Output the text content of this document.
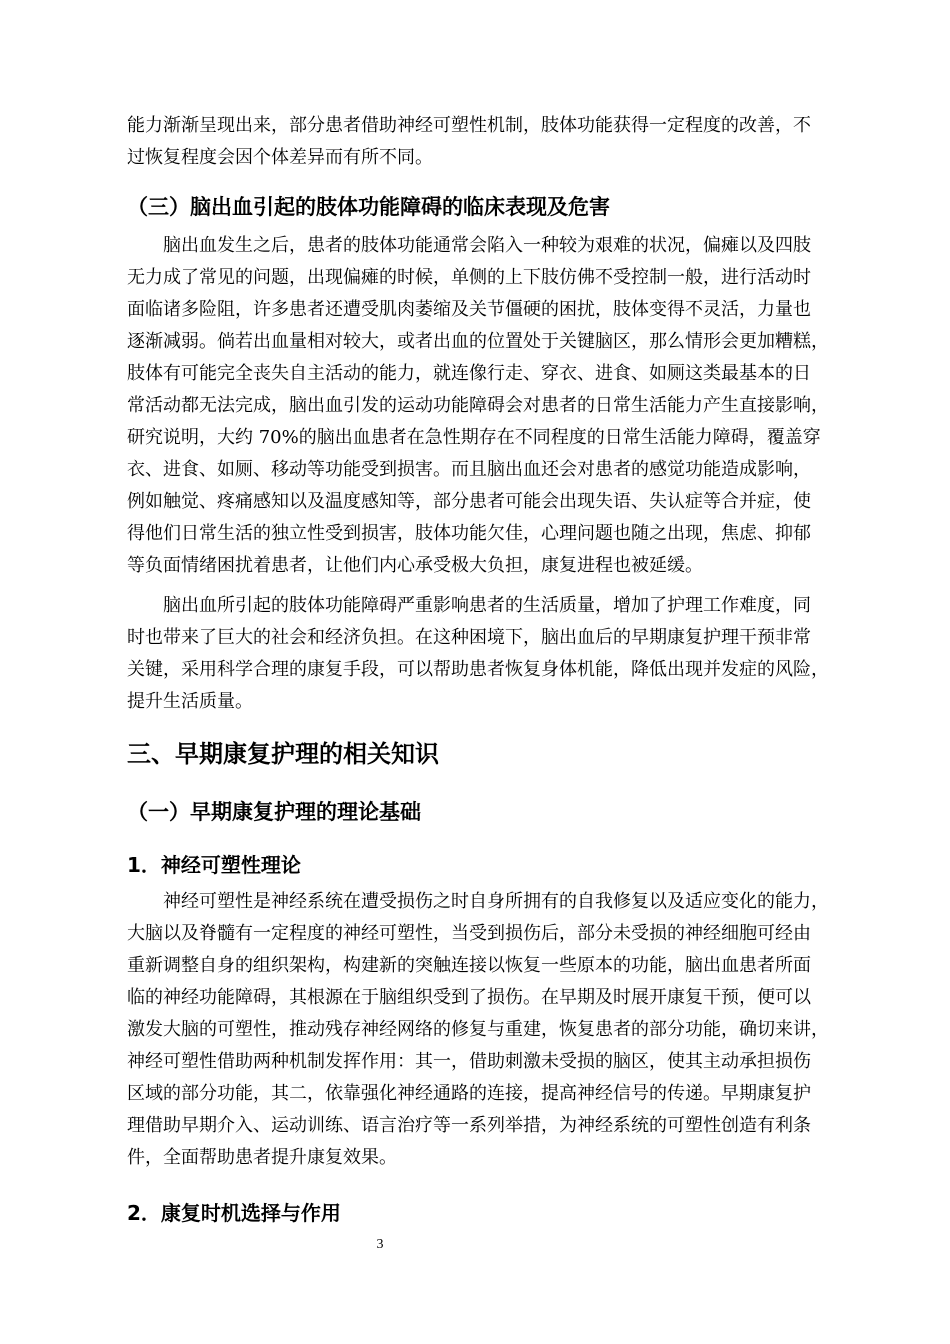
能力渐渐呈现出来，部分患者借助神经可塑性机制，肢体功能获得一定程度的改善，不
过恢复程度会因个体差异而有所不同。

（三）脑出血引起的肢体功能障碍的临床表现及危害

　　脑出血发生之后，患者的肢体功能通常会陷入一种较为艰难的状况，偏瘫以及四肢
无力成了常见的问题，出现偏瘫的时候，单侧的上下肢仿佛不受控制一般，进行活动时
面临诸多险阻，许多患者还遭受肌肉萎缩及关节僵硬的困扰，肢体变得不灵活，力量也
逐渐减弱。倘若出血量相对较大，或者出血的位置处于关键脑区，那么情形会更加糟糕，
肢体有可能完全丧失自主活动的能力，就连像行走、穿衣、进食、如厕这类最基本的日
常活动都无法完成，脑出血引发的运动功能障碍会对患者的日常生活能力产生直接影响，
研究说明，大约 70%的脑出血患者在急性期存在不同程度的日常生活能力障碍，覆盖穿
衣、进食、如厕、移动等功能受到损害。而且脑出血还会对患者的感觉功能造成影响，
例如触觉、疼痛感知以及温度感知等，部分患者可能会出现失语、失认症等合并症，使
得他们日常生活的独立性受到损害，肢体功能欠佳，心理问题也随之出现，焦虑、抑郁
等负面情绪困扰着患者，让他们内心承受极大负担，康复进程也被延缓。

　　脑出血所引起的肢体功能障碍严重影响患者的生活质量，增加了护理工作难度，同
时也带来了巨大的社会和经济负担。在这种困境下，脑出血后的早期康复护理干预非常
关键，采用科学合理的康复手段，可以帮助患者恢复身体机能，降低出现并发症的风险，
提升生活质量。

三、早期康复护理的相关知识
（一）早期康复护理的理论基础
1．神经可塑性理论

　　神经可塑性是神经系统在遭受损伤之时自身所拥有的自我修复以及适应变化的能力，
大脑以及脊髓有一定程度的神经可塑性，当受到损伤后，部分未受损的神经细胞可经由
重新调整自身的组织架构，构建新的突触连接以恢复一些原本的功能，脑出血患者所面
临的神经功能障碍，其根源在于脑组织受到了损伤。在早期及时展开康复干预，便可以
激发大脑的可塑性，推动残存神经网络的修复与重建，恢复患者的部分功能，确切来讲，
神经可塑性借助两种机制发挥作用：其一，借助刺激未受损的脑区，使其主动承担损伤
区域的部分功能，其二，依靠强化神经通路的连接，提高神经信号的传递。早期康复护
理借助早期介入、运动训练、语言治疗等一系列举措，为神经系统的可塑性创造有利条
件，全面帮助患者提升康复效果。

2．康复时机选择与作用
3
